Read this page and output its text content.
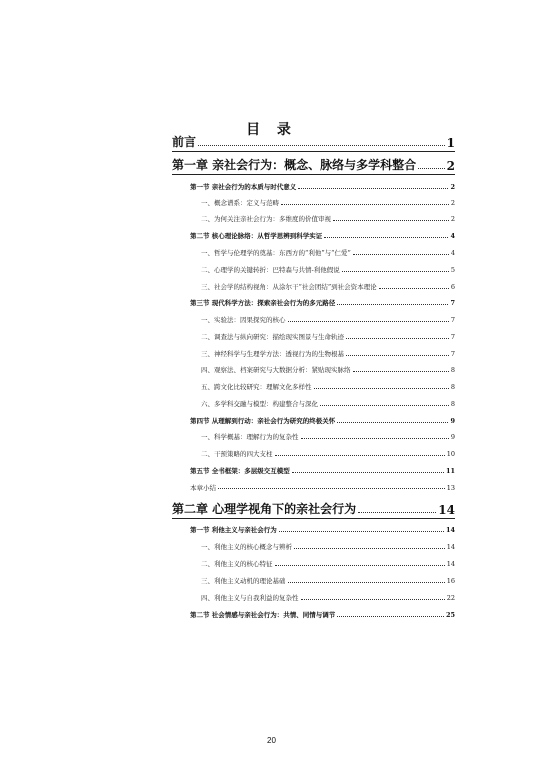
目 录
前言	1
第一章 亲社会行为：概念、脉络与多学科整合	2
第一节 亲社会行为的本质与时代意义	2
一、概念谱系：定义与范畴	2
二、为何关注亲社会行为：多维度的价值审视	2
第二节 核心理论脉络：从哲学思辨到科学实证	4
一、哲学与伦理学的奠基：东西方的“利他”与“仁爱”	4
二、心理学的关键转折：巴特森与共情-利他假说	5
三、社会学的结构视角：从涂尔干“社会团结”到社会资本理论	6
第三节 现代科学方法：探索亲社会行为的多元路径	7
一、实验法：因果探究的核心	7
二、调查法与纵向研究：描绘现实图景与生命轨迹	7
三、神经科学与生理学方法：透视行为的生物根基	7
四、观察法、档案研究与大数据分析：紧贴现实脉络	8
五、跨文化比较研究：理解文化多样性	8
六、多学科交融与模型：构建整合与深化	8
第四节 从理解到行动：亲社会行为研究的终极关怀	9
一、科学概基：理解行为的复杂性	9
二、干预策略的四大支柱	10
第五节 全书框架：多层级交互模型	11
本章小结	13
第二章 心理学视角下的亲社会行为	14
第一节 利他主义与亲社会行为	14
一、利他主义的核心概念与辨析	14
二、利他主义的核心特征	14
三、利他主义动机的理论基础	16
四、利他主义与自我利益的复杂性	22
第二节 社会情感与亲社会行为：共情、同情与调节	25
20
